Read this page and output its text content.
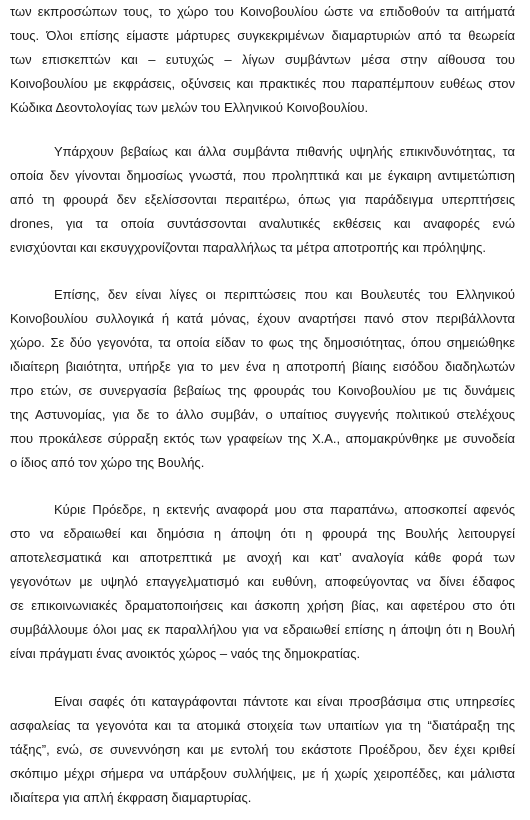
των εκπροσώπων τους, το χώρο του Κοινοβουλίου ώστε να επιδοθούν τα αιτήματά
τους. Όλοι επίσης είμαστε μάρτυρες συγκεκριμένων διαμαρτυριών από τα θεωρεία
των επισκεπτών και – ευτυχώς – λίγων συμβάντων μέσα στην αίθουσα του
Κοινοβουλίου με εκφράσεις, οξύνσεις και πρακτικές που παραπέμπουν ευθέως στον
Κώδικα Δεοντολογίας των μελών του Ελληνικού Κοινοβουλίου.
Υπάρχουν βεβαίως και άλλα συμβάντα πιθανής υψηλής επικινδυνότητας, τα
οποία δεν γίνονται δημοσίως γνωστά, που προληπτικά και με έγκαιρη αντιμετώπιση
από τη φρουρά δεν εξελίσσονται περαιτέρω, όπως για παράδειγμα υπερπτήσεις
drones, για τα οποία συντάσσονται αναλυτικές εκθέσεις και αναφορές ενώ
ενισχύονται και εκσυγχρονίζονται παραλλήλως τα μέτρα αποτροπής και πρόληψης.
Επίσης, δεν είναι λίγες οι περιπτώσεις που και Βουλευτές του Ελληνικού
Κοινοβουλίου συλλογικά ή κατά μόνας, έχουν αναρτήσει πανό στον περιβάλλοντα
χώρο. Σε δύο γεγονότα, τα οποία είδαν το φως της δημοσιότητας, όπου σημειώθηκε
ιδιαίτερη βιαιότητα, υπήρξε για το μεν ένα η αποτροπή βίαιης εισόδου διαδηλωτών
προ ετών, σε συνεργασία βεβαίως της φρουράς του Κοινοβουλίου με τις δυνάμεις
της Αστυνομίας, για δε το άλλο συμβάν, ο υπαίτιος συγγενής πολιτικού στελέχους
που προκάλεσε σύρραξη εκτός των γραφείων της Χ.Α., απομακρύνθηκε με συνοδεία
ο ίδιος από τον χώρο της Βουλής.
Κύριε Πρόεδρε, η εκτενής αναφορά μου στα παραπάνω, αποσκοπεί αφενός
στο να εδραιωθεί και δημόσια η άποψη ότι η φρουρά της Βουλής λειτουργεί
αποτελεσματικά και αποτρεπτικά με ανοχή και κατ’ αναλογία κάθε φορά των
γεγονότων με υψηλό επαγγελματισμό και ευθύνη, αποφεύγοντας να δίνει έδαφος
σε επικοινωνιακές δραματοποιήσεις και άσκοπη χρήση βίας, και αφετέρου στο ότι
συμβάλλουμε όλοι μας εκ παραλλήλου για να εδραιωθεί επίσης η άποψη ότι η Βουλή
είναι πράγματι ένας ανοικτός χώρος – ναός της δημοκρατίας.
Είναι σαφές ότι καταγράφονται πάντοτε και είναι προσβάσιμα στις υπηρεσίες
ασφαλείας τα γεγονότα και τα ατομικά στοιχεία των υπαιτίων για τη “διατάραξη της
τάξης”, ενώ, σε συνεννόηση και με εντολή του εκάστοτε Προέδρου, δεν έχει κριθεί
σκόπιμο μέχρι σήμερα να υπάρξουν συλλήψεις, με ή χωρίς χειροπέδες, και μάλιστα
ιδιαίτερα για απλή έκφραση διαμαρτυρίας.
